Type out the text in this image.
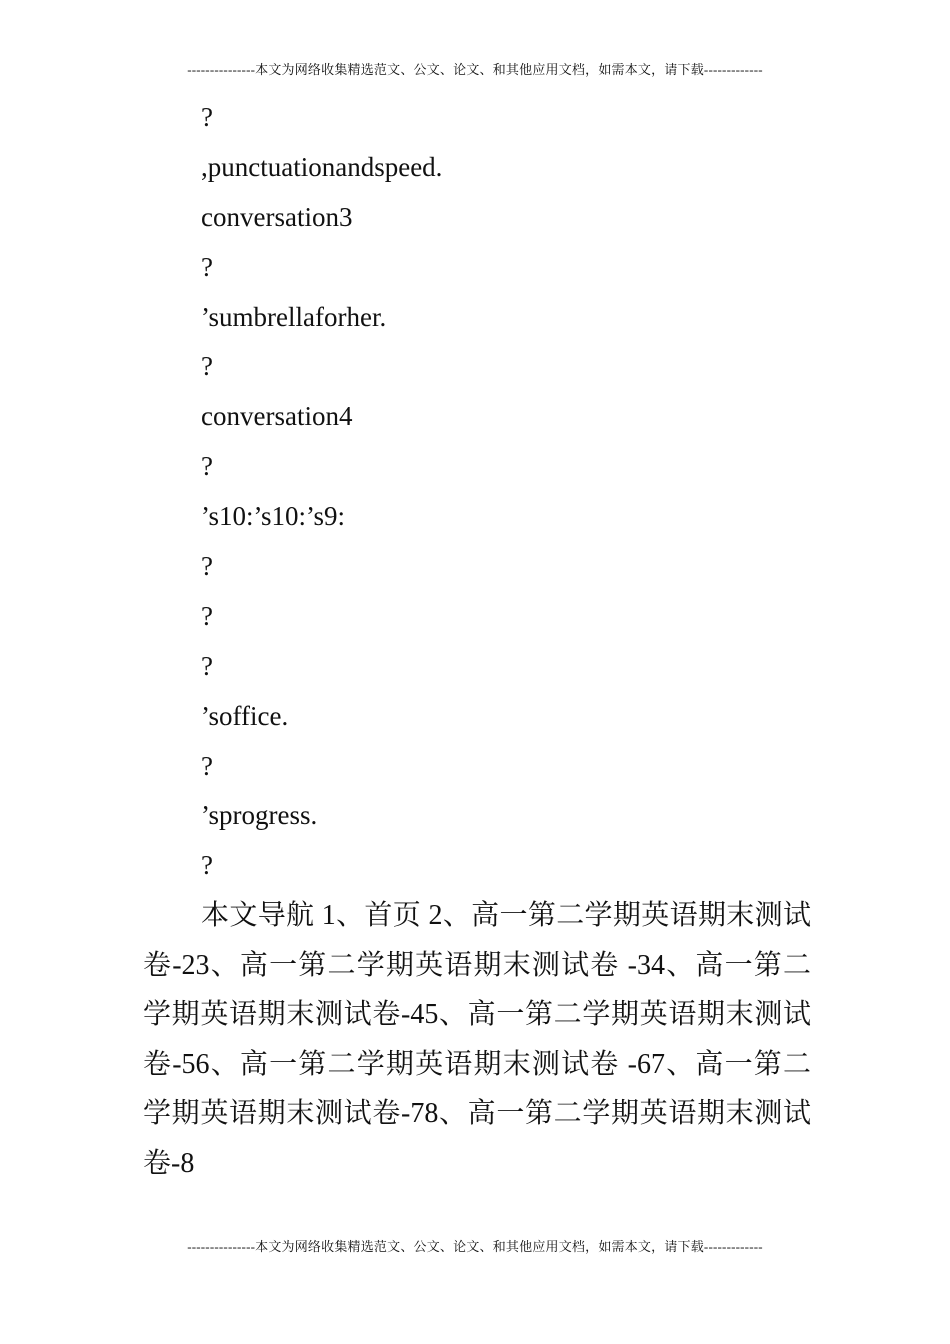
---------------本文为网络收集精选范文、公文、论文、和其他应用文档，如需本文，请下载-------------
?
,punctuationandspeed.
conversation3
?
’sumbrellaforher.
?
conversation4
?
’s10:’s10:’s9:
?
?
?
’soffice.
?
’sprogress.
?
本文导航 1、首页 2、高一第二学期英语期末测试卷-23、高一第二学期英语期末测试卷 -34、高一第二学期英语期末测试卷-45、高一第二学期英语期末测试卷-56、高一第二学期英语期末测试卷 -67、高一第二学期英语期末测试卷-78、高一第二学期英语期末测试卷-8
---------------本文为网络收集精选范文、公文、论文、和其他应用文档，如需本文，请下载-------------
